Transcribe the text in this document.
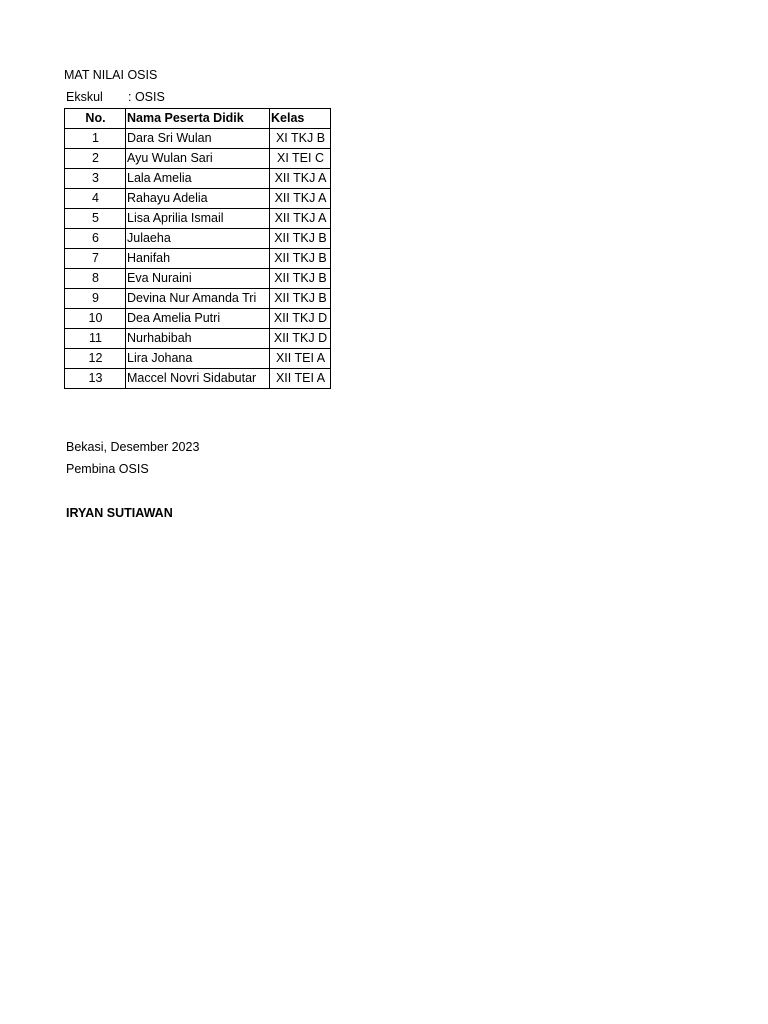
MAT NILAI OSIS
Ekskul : OSIS
No.	Nama Peserta Didik	Kelas
1	Dara Sri Wulan	XI TKJ B
2	Ayu Wulan Sari	XI TEI C
3	Lala Amelia	XII TKJ A
4	Rahayu Adelia	XII TKJ A
5	Lisa Aprilia Ismail	XII TKJ A
6	Julaeha	XII TKJ B
7	Hanifah	XII TKJ B
8	Eva Nuraini	XII TKJ B
9	Devina Nur Amanda Tri	XII TKJ B
10	Dea Amelia Putri	XII TKJ D
11	Nurhabibah	XII TKJ D
12	Lira Johana	XII TEI A
13	Maccel Novri Sidabutar	XII TEI A
Bekasi, Desember 2023
Pembina OSIS
IRYAN SUTIAWAN
